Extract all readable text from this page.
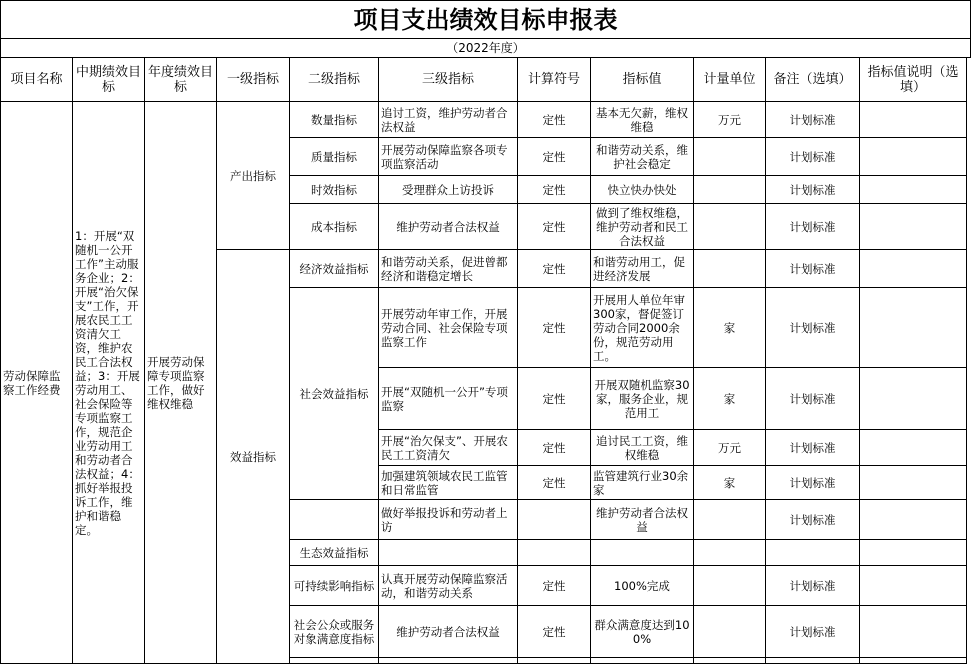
项目支出绩效目标申报表
（2022年度）
项目名称	中期绩效目标	年度绩效目标	一级指标	二级指标	三级指标	计算符号	指标值	计量单位	备注（选填）	指标值说明（选填）
劳动保障监察工作经费	1：开展“双随机一公开工作”主动服务企业；2：开展“治欠保支”工作，开展农民工工资清欠工资，维护农民工合法权益；3：开展劳动用工、社会保险等专项监察工作，规范企业劳动用工和劳动者合法权益；4：抓好举报投诉工作，维护和谐稳定。	开展劳动保障专项监察工作，做好维权维稳	产出指标	数量指标	追讨工资，维护劳动者合法权益	定性	基本无欠薪，维权维稳	万元	计划标准	
				质量指标	开展劳动保障监察各项专项监察活动	定性	和谐劳动关系，维护社会稳定		计划标准	
				时效指标	受理群众上访投诉	定性	快立快办快处		计划标准	
				成本指标	维护劳动者合法权益	定性	做到了维权维稳，维护劳动者和民工合法权益		计划标准	
			效益指标	经济效益指标	和谐劳动关系，促进曾都经济和谐稳定增长	定性	和谐劳动用工，促进经济发展		计划标准	
				社会效益指标	开展劳动年审工作，开展劳动合同、社会保险专项监察工作	定性	开展用人单位年审300家，督促签订劳动合同2000余份，规范劳动用工。	家	计划标准	
					开展“双随机一公开”专项监察	定性	开展双随机监察30家，服务企业，规范用工	家	计划标准	
					开展“治欠保支”、开展农民工工资清欠	定性	追讨民工工资，维权维稳	万元	计划标准	
					加强建筑领域农民工监管和日常监管	定性	监管建筑行业30余家	家	计划标准	
					做好举报投诉和劳动者上访		维护劳动者合法权益		计划标准	
				生态效益指标						
				可持续影响指标	认真开展劳动保障监察活动，和谐劳动关系	定性	100%完成		计划标准	
				社会公众或服务对象满意度指标	维护劳动者合法权益	定性	群众满意度达到100%		计划标准	
